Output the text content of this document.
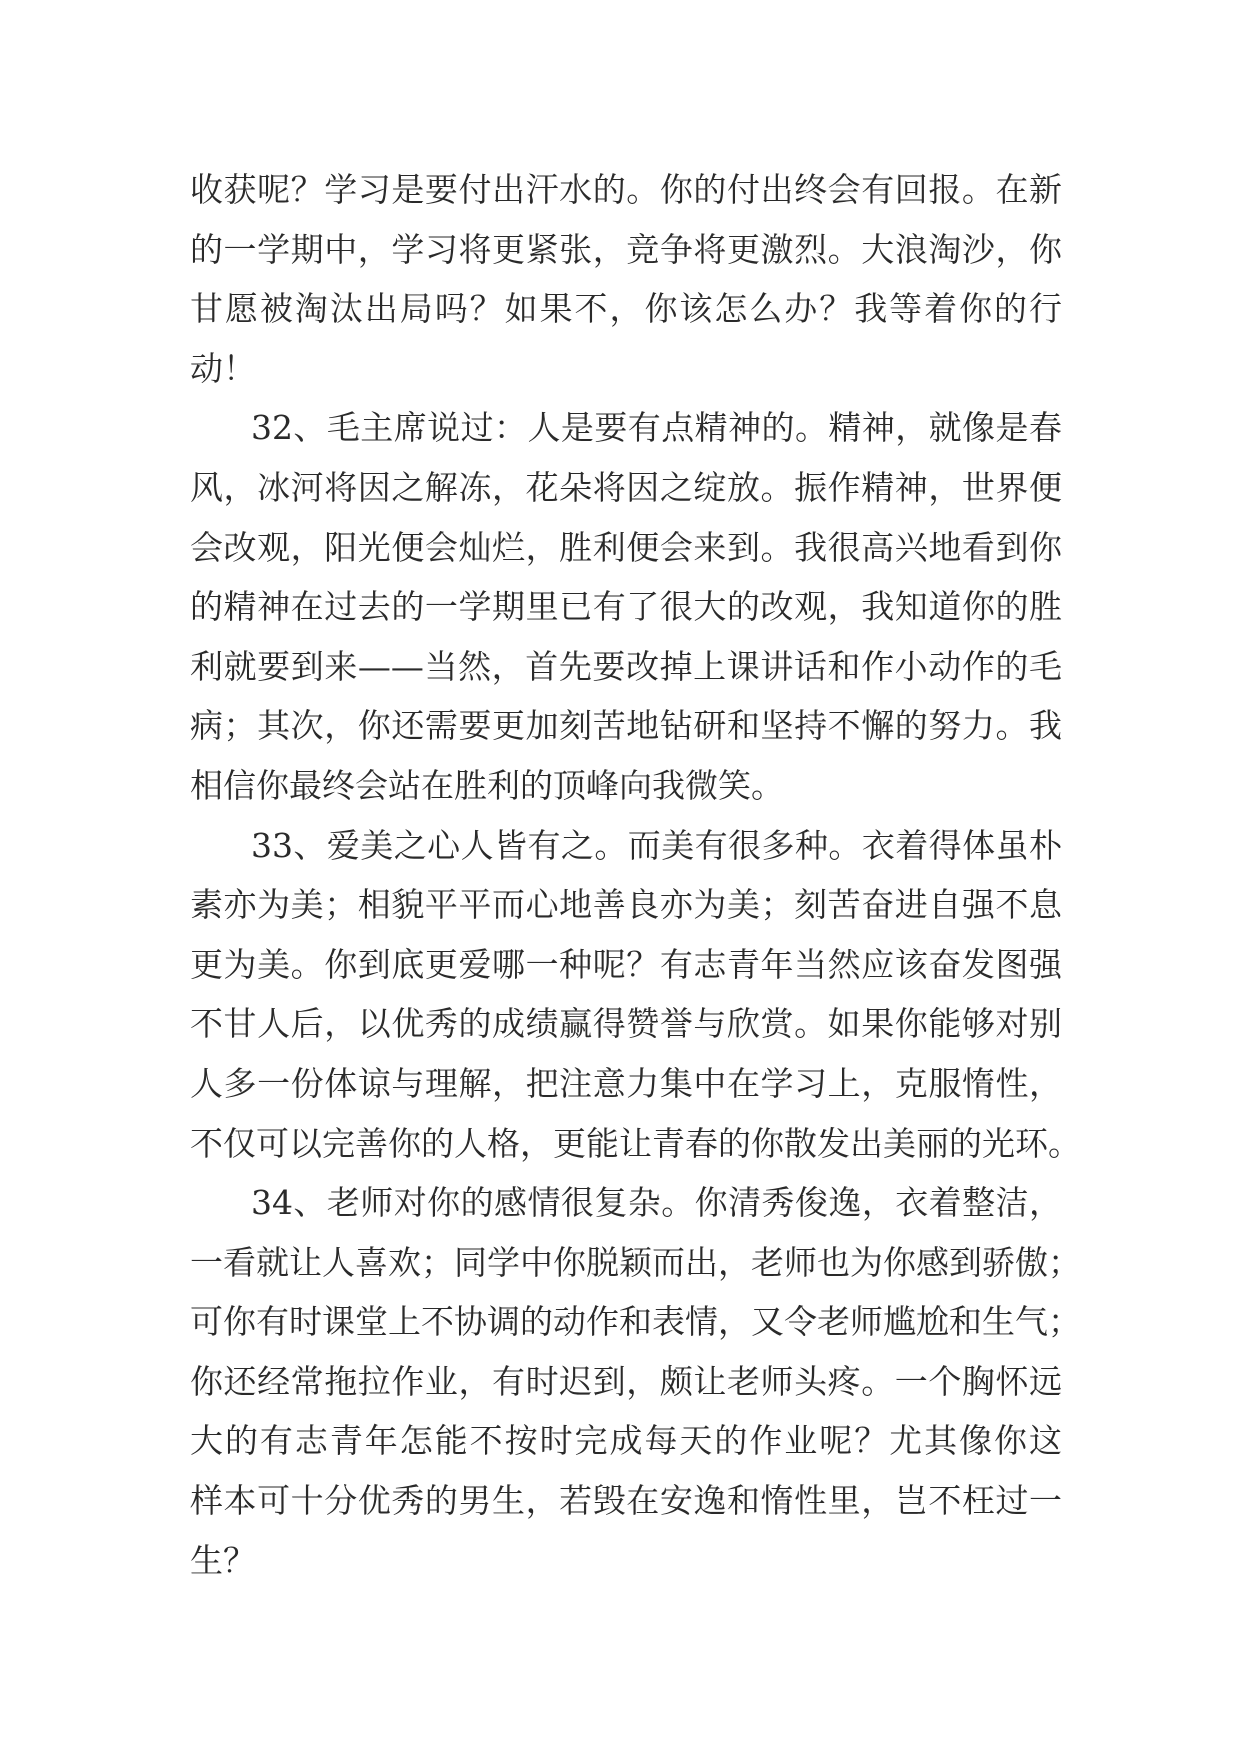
收获呢？学习是要付出汗水的。你的付出终会有回报。在新
的一学期中，学习将更紧张，竞争将更激烈。大浪淘沙，你
甘愿被淘汰出局吗？如果不，你该怎么办？我等着你的行
动！
32、毛主席说过：人是要有点精神的。精神，就像是春
风，冰河将因之解冻，花朵将因之绽放。振作精神，世界便
会改观，阳光便会灿烂，胜利便会来到。我很高兴地看到你
的精神在过去的一学期里已有了很大的改观，我知道你的胜
利就要到来——当然，首先要改掉上课讲话和作小动作的毛
病；其次，你还需要更加刻苦地钻研和坚持不懈的努力。我
相信你最终会站在胜利的顶峰向我微笑。
33、爱美之心人皆有之。而美有很多种。衣着得体虽朴
素亦为美；相貌平平而心地善良亦为美；刻苦奋进自强不息
更为美。你到底更爱哪一种呢？有志青年当然应该奋发图强
不甘人后，以优秀的成绩赢得赞誉与欣赏。如果你能够对别
人多一份体谅与理解，把注意力集中在学习上，克服惰性，
不仅可以完善你的人格，更能让青春的你散发出美丽的光环。
34、老师对你的感情很复杂。你清秀俊逸，衣着整洁，
一看就让人喜欢；同学中你脱颖而出，老师也为你感到骄傲；
可你有时课堂上不协调的动作和表情，又令老师尴尬和生气；
你还经常拖拉作业，有时迟到，颇让老师头疼。一个胸怀远
大的有志青年怎能不按时完成每天的作业呢？尤其像你这
样本可十分优秀的男生，若毁在安逸和惰性里，岂不枉过一
生？
